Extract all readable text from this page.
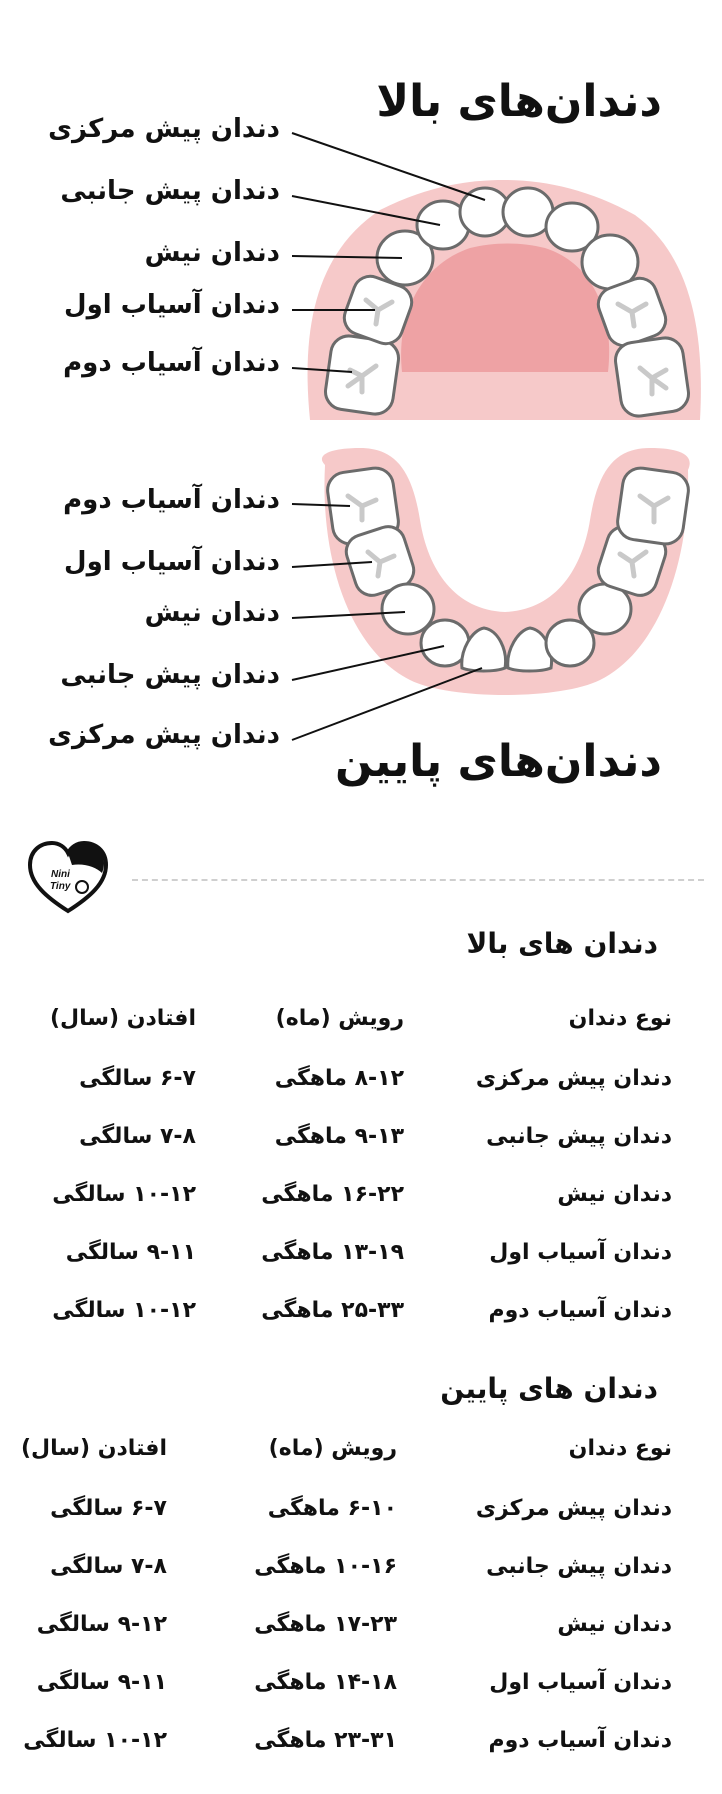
دندان‌های بالا
دندان پیش مرکزی
دندان پیش جانبی
دندان نیش
دندان آسیاب اول
دندان آسیاب دوم
دندان آسیاب دوم
دندان آسیاب اول
دندان نیش
دندان پیش جانبی
دندان پیش مرکزی
دندان‌های پایین
Nini
Tiny
دندان های بالا
نوع دندان
رویش (ماه)
افتادن (سال)
دندان پیش مرکزی
۸-۱۲ ماهگی
۶-۷ سالگی
دندان پیش جانبی
۹-۱۳ ماهگی
۷-۸ سالگی
دندان نیش
۱۶-۲۲ ماهگی
۱۰-۱۲ سالگی
دندان آسیاب اول
۱۳-۱۹ ماهگی
۹-۱۱ سالگی
دندان آسیاب دوم
۲۵-۳۳ ماهگی
۱۰-۱۲ سالگی
دندان های پایین
نوع دندان
رویش (ماه)
افتادن (سال)
دندان پیش مرکزی
۶-۱۰ ماهگی
۶-۷ سالگی
دندان پیش جانبی
۱۰-۱۶ ماهگی
۷-۸ سالگی
دندان نیش
۱۷-۲۳ ماهگی
۹-۱۲ سالگی
دندان آسیاب اول
۱۴-۱۸ ماهگی
۹-۱۱ سالگی
دندان آسیاب دوم
۲۳-۳۱ ماهگی
۱۰-۱۲ سالگی
